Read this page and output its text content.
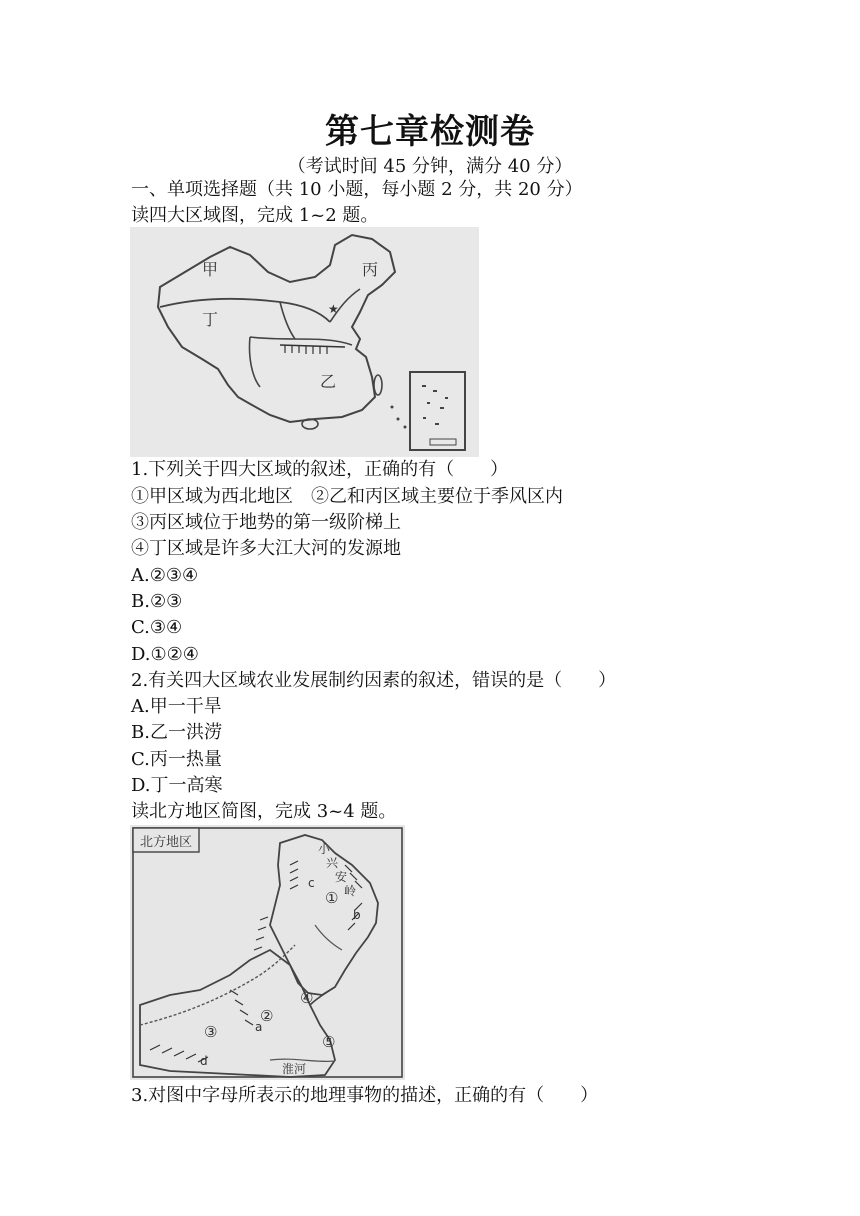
第七章检测卷
（考试时间 45 分钟，满分 40 分）
一、单项选择题（共 10 小题，每小题 2 分，共 20 分）
读四大区域图，完成 1~2 题。
★
甲	丙
丁
乙
1.下列关于四大区域的叙述，正确的有（　　）
①甲区域为西北地区　②乙和丙区域主要位于季风区内
③丙区域位于地势的第一级阶梯上
④丁区域是许多大江大河的发源地
A.②③④
B.②③
C.③④
D.①②④
2.有关四大区域农业发展制约因素的叙述，错误的是（　　）
A.甲一干旱
B.乙一洪涝
C.丙一热量
D.丁一高寒
读北方地区简图，完成 3~4 题。
北方地区	小兴安岭
c
①
b
④
②
a
③
⑤
d
淮河
3.对图中字母所表示的地理事物的描述，正确的有（　　）
